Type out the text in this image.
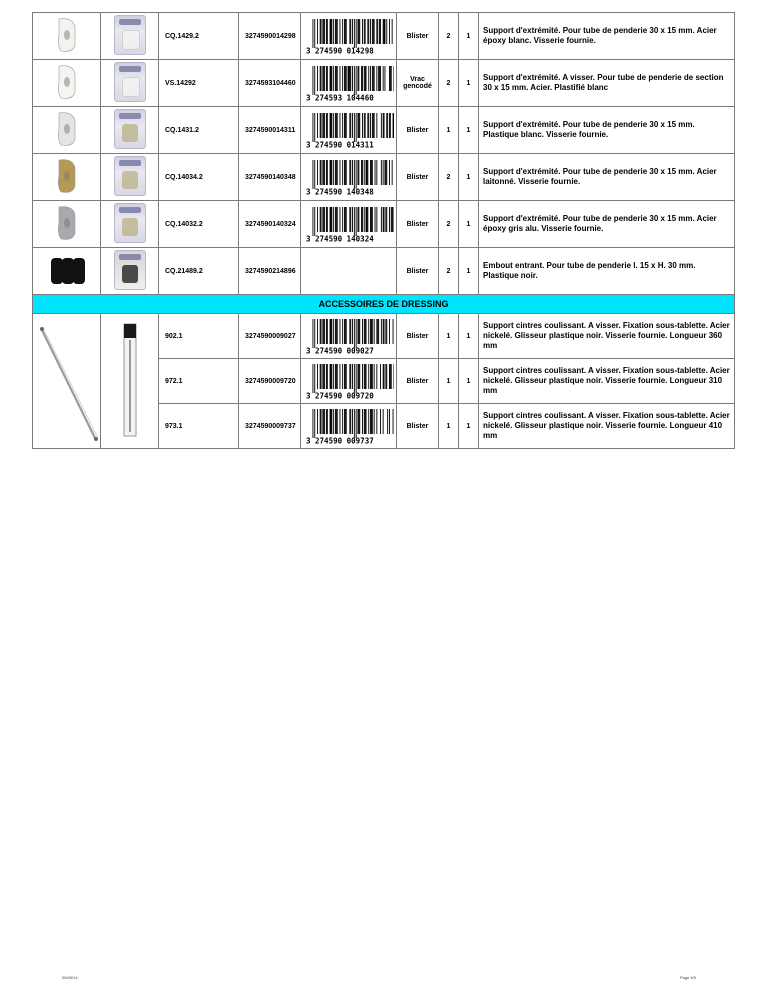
		CQ.1429.2	3274590014298	3 274590 014298	Blister	2	1	Support d'extrémité. Pour tube de penderie 30 x 15 mm. Acier époxy blanc. Visserie fournie.
		VS.14292	3274593104460	3 274593 104460	Vrac gencodé	2	1	Support d'extrémité. A visser. Pour tube de penderie de section 30 x 15 mm. Acier. Plastifié blanc
		CQ.1431.2	3274590014311	3 274590 014311	Blister	1	1	Support d'extrémité. Pour tube de penderie 30 x 15 mm. Plastique blanc. Visserie fournie.
		CQ.14034.2	3274590140348	3 274590 140348	Blister	2	1	Support d'extrémité. Pour tube de penderie 30 x 15 mm. Acier laitonné. Visserie fournie.
		CQ.14032.2	3274590140324	3 274590 140324	Blister	2	1	Support d'extrémité. Pour tube de penderie 30 x 15 mm. Acier époxy gris alu. Visserie fournie.
		CQ.21489.2	3274590214896		Blister	2	1	Embout entrant. Pour tube de penderie l. 15 x H. 30 mm. Plastique noir.
ACCESSOIRES DE DRESSING								
		902.1	3274590009027	3 274590 009027	Blister	1	1	Support cintres coulissant. A visser. Fixation sous-tablette. Acier nickelé. Glisseur plastique noir. Visserie fournie. Longueur 360 mm
		972.1	3274590009720	3 274590 009720	Blister	1	1	Support cintres coulissant. A visser. Fixation sous-tablette. Acier nickelé. Glisseur plastique noir. Visserie fournie. Longueur 310 mm
		973.1	3274590009737	3 274590 009737	Blister	1	1	Support cintres coulissant. A visser. Fixation sous-tablette. Acier nickelé. Glisseur plastique noir. Visserie fournie. Longueur 410 mm
05/06/14	Page 5/5
